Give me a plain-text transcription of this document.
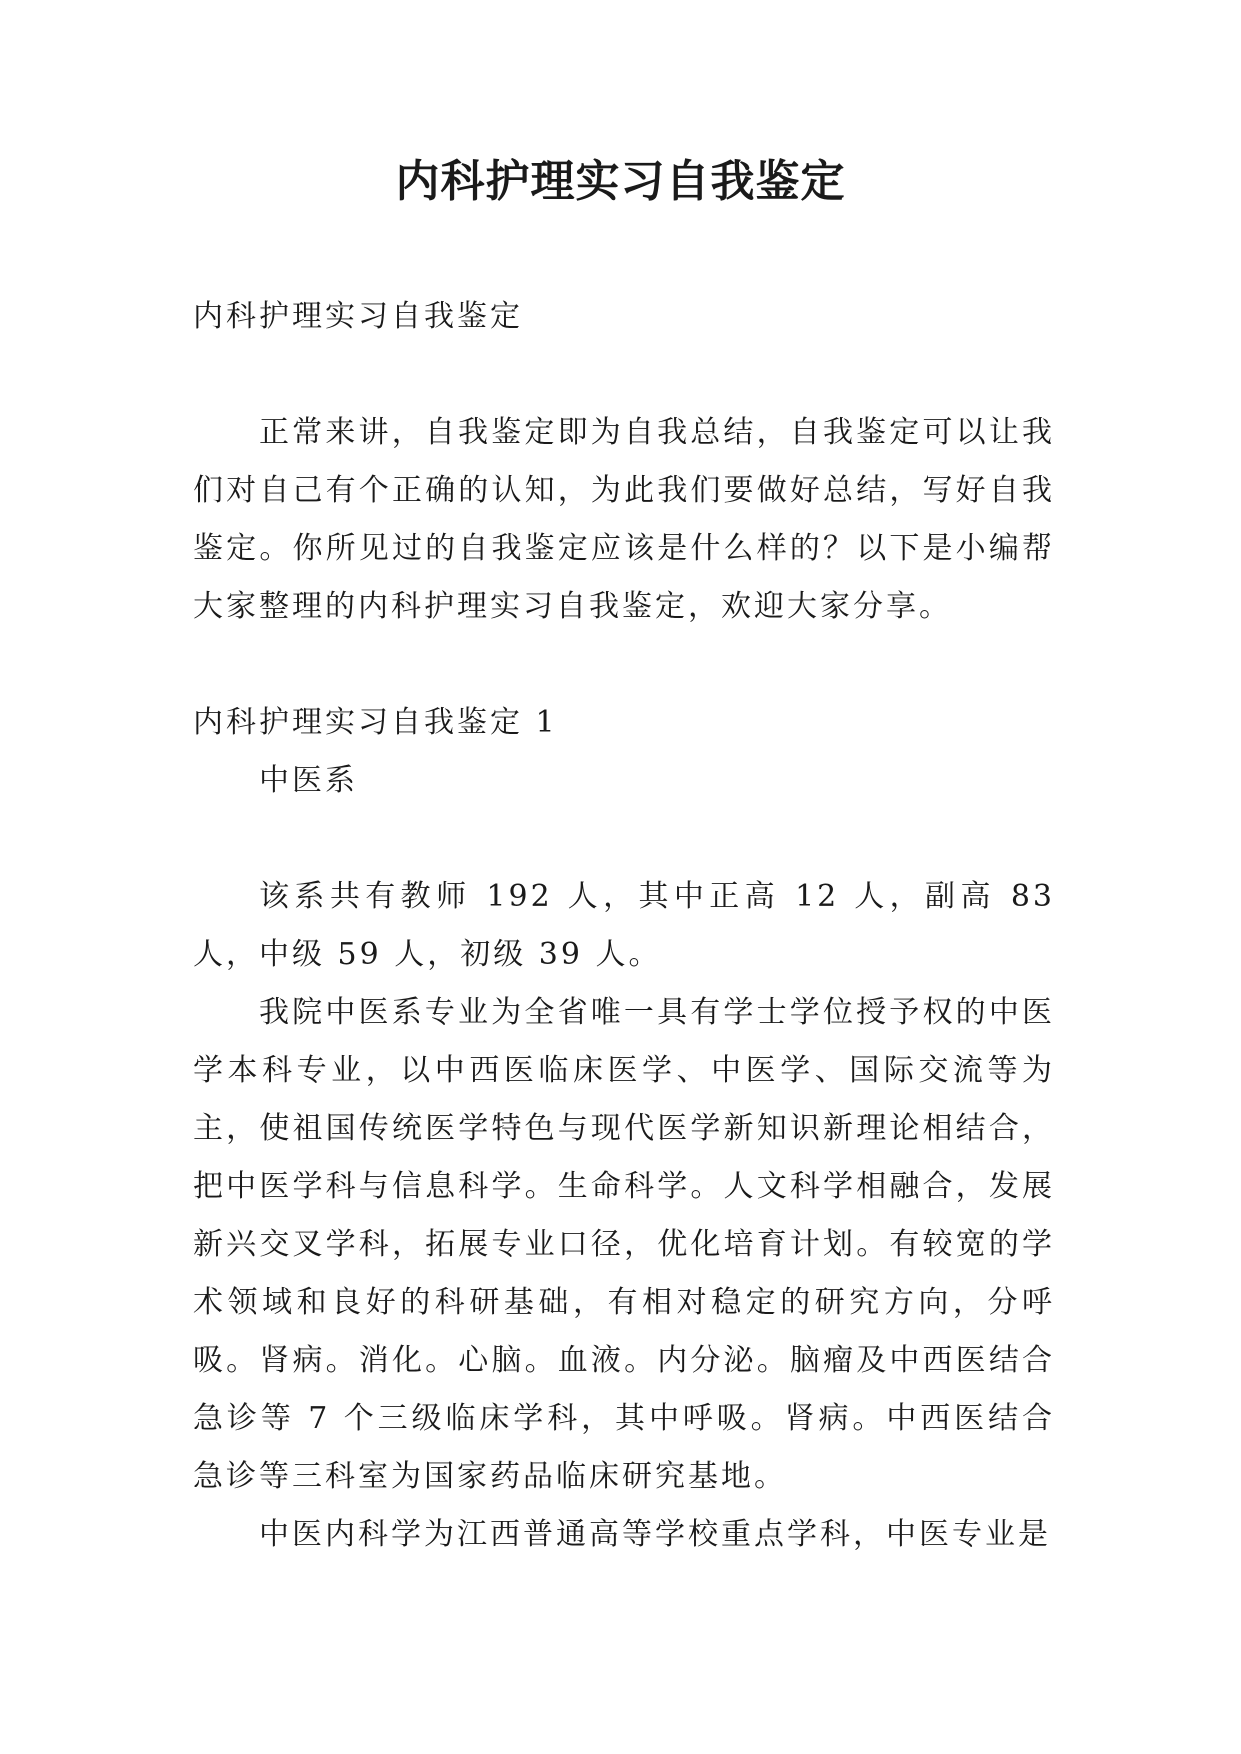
内科护理实习自我鉴定

内科护理实习自我鉴定

正常来讲，自我鉴定即为自我总结，自我鉴定可以让我们对自己有个正确的认知，为此我们要做好总结，写好自我鉴定。你所见过的自我鉴定应该是什么样的？以下是小编帮大家整理的内科护理实习自我鉴定，欢迎大家分享。

内科护理实习自我鉴定 1

中医系

该系共有教师 192 人，其中正高 12 人，副高 83 人，中级 59 人，初级 39 人。

我院中医系专业为全省唯一具有学士学位授予权的中医学本科专业，以中西医临床医学、中医学、国际交流等为主，使祖国传统医学特色与现代医学新知识新理论相结合，把中医学科与信息科学。生命科学。人文科学相融合，发展新兴交叉学科，拓展专业口径，优化培育计划。有较宽的学术领域和良好的科研基础，有相对稳定的研究方向，分呼吸。肾病。消化。心脑。血液。内分泌。脑瘤及中西医结合急诊等 7 个三级临床学科，其中呼吸。肾病。中西医结合急诊等三科室为国家药品临床研究基地。

中医内科学为江西普通高等学校重点学科，中医专业是
